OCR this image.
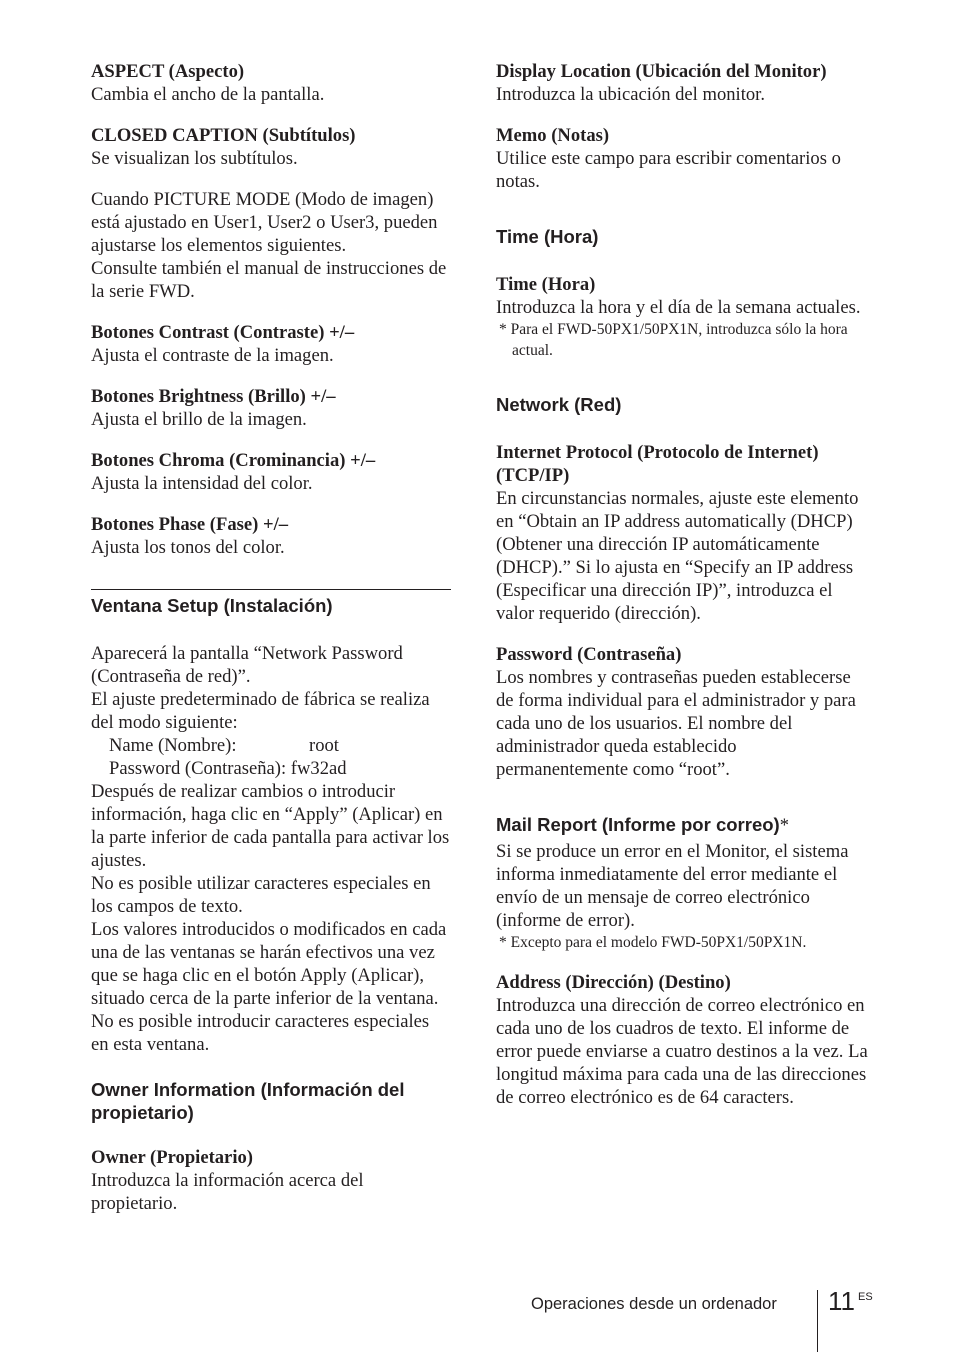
ASPECT (Aspecto)

Cambia el ancho de la pantalla.

CLOSED CAPTION (Subtítulos)

Se visualizan los subtítulos.

Cuando PICTURE MODE (Modo de imagen) está ajustado en User1, User2 o User3, pueden ajustarse los elementos siguientes.

Consulte también el manual de instrucciones de la serie FWD.

Botones Contrast (Contraste) +/–

Ajusta el contraste de la imagen.

Botones Brightness (Brillo) +/–

Ajusta el brillo de la imagen.

Botones Chroma (Crominancia) +/–

Ajusta la intensidad del color.

Botones Phase (Fase) +/–

Ajusta los tonos del color.

Ventana Setup (Instalación)

Aparecerá la pantalla “Network Password (Contraseña de red)”.

El ajuste predeterminado de fábrica se realiza del modo siguiente:

Name (Nombre):	root

Password (Contraseña): fw32ad

Después de realizar cambios o introducir información, haga clic en “Apply” (Aplicar) en la parte inferior de cada pantalla para activar los ajustes.

No es posible utilizar caracteres especiales en los campos de texto.

Los valores introducidos o modificados en cada una de las ventanas se harán efectivos una vez que se haga clic en el botón Apply (Aplicar), situado cerca de la parte inferior de la ventana.

No es posible introducir caracteres especiales en esta ventana.

Owner Information (Información del propietario)

Owner (Propietario)

Introduzca la información acerca del propietario.

Display Location (Ubicación del Monitor)

Introduzca la ubicación del monitor.

Memo (Notas)

Utilice este campo para escribir comentarios o notas.

Time (Hora)

Time (Hora)

Introduzca la hora y el día de la semana actuales.

* Para el FWD-50PX1/50PX1N, introduzca sólo la hora actual.

Network (Red)

Internet Protocol (Protocolo de Internet) (TCP/IP)

En circunstancias normales, ajuste este elemento en “Obtain an IP address automatically (DHCP) (Obtener una dirección IP automáticamente (DHCP).” Si lo ajusta en “Specify an IP address (Especificar una dirección IP)”, introduzca el valor requerido (dirección).

Password (Contraseña)

Los nombres y contraseñas pueden establecerse de forma individual para el administrador y para cada uno de los usuarios. El nombre del administrador queda establecido permanentemente como “root”.

Mail Report (Informe por correo)*

Si se produce un error en el Monitor, el sistema informa inmediatamente del error mediante el envío de un mensaje de correo electrónico (informe de error).

* Excepto para el modelo FWD-50PX1/50PX1N.

Address (Dirección) (Destino)

Introduzca una dirección de correo electrónico en cada uno de los cuadros de texto. El informe de error puede enviarse a cuatro destinos a la vez. La longitud máxima para cada una de las direcciones de correo electrónico es de 64 caracters.

Operaciones desde un ordenador 11 ES
